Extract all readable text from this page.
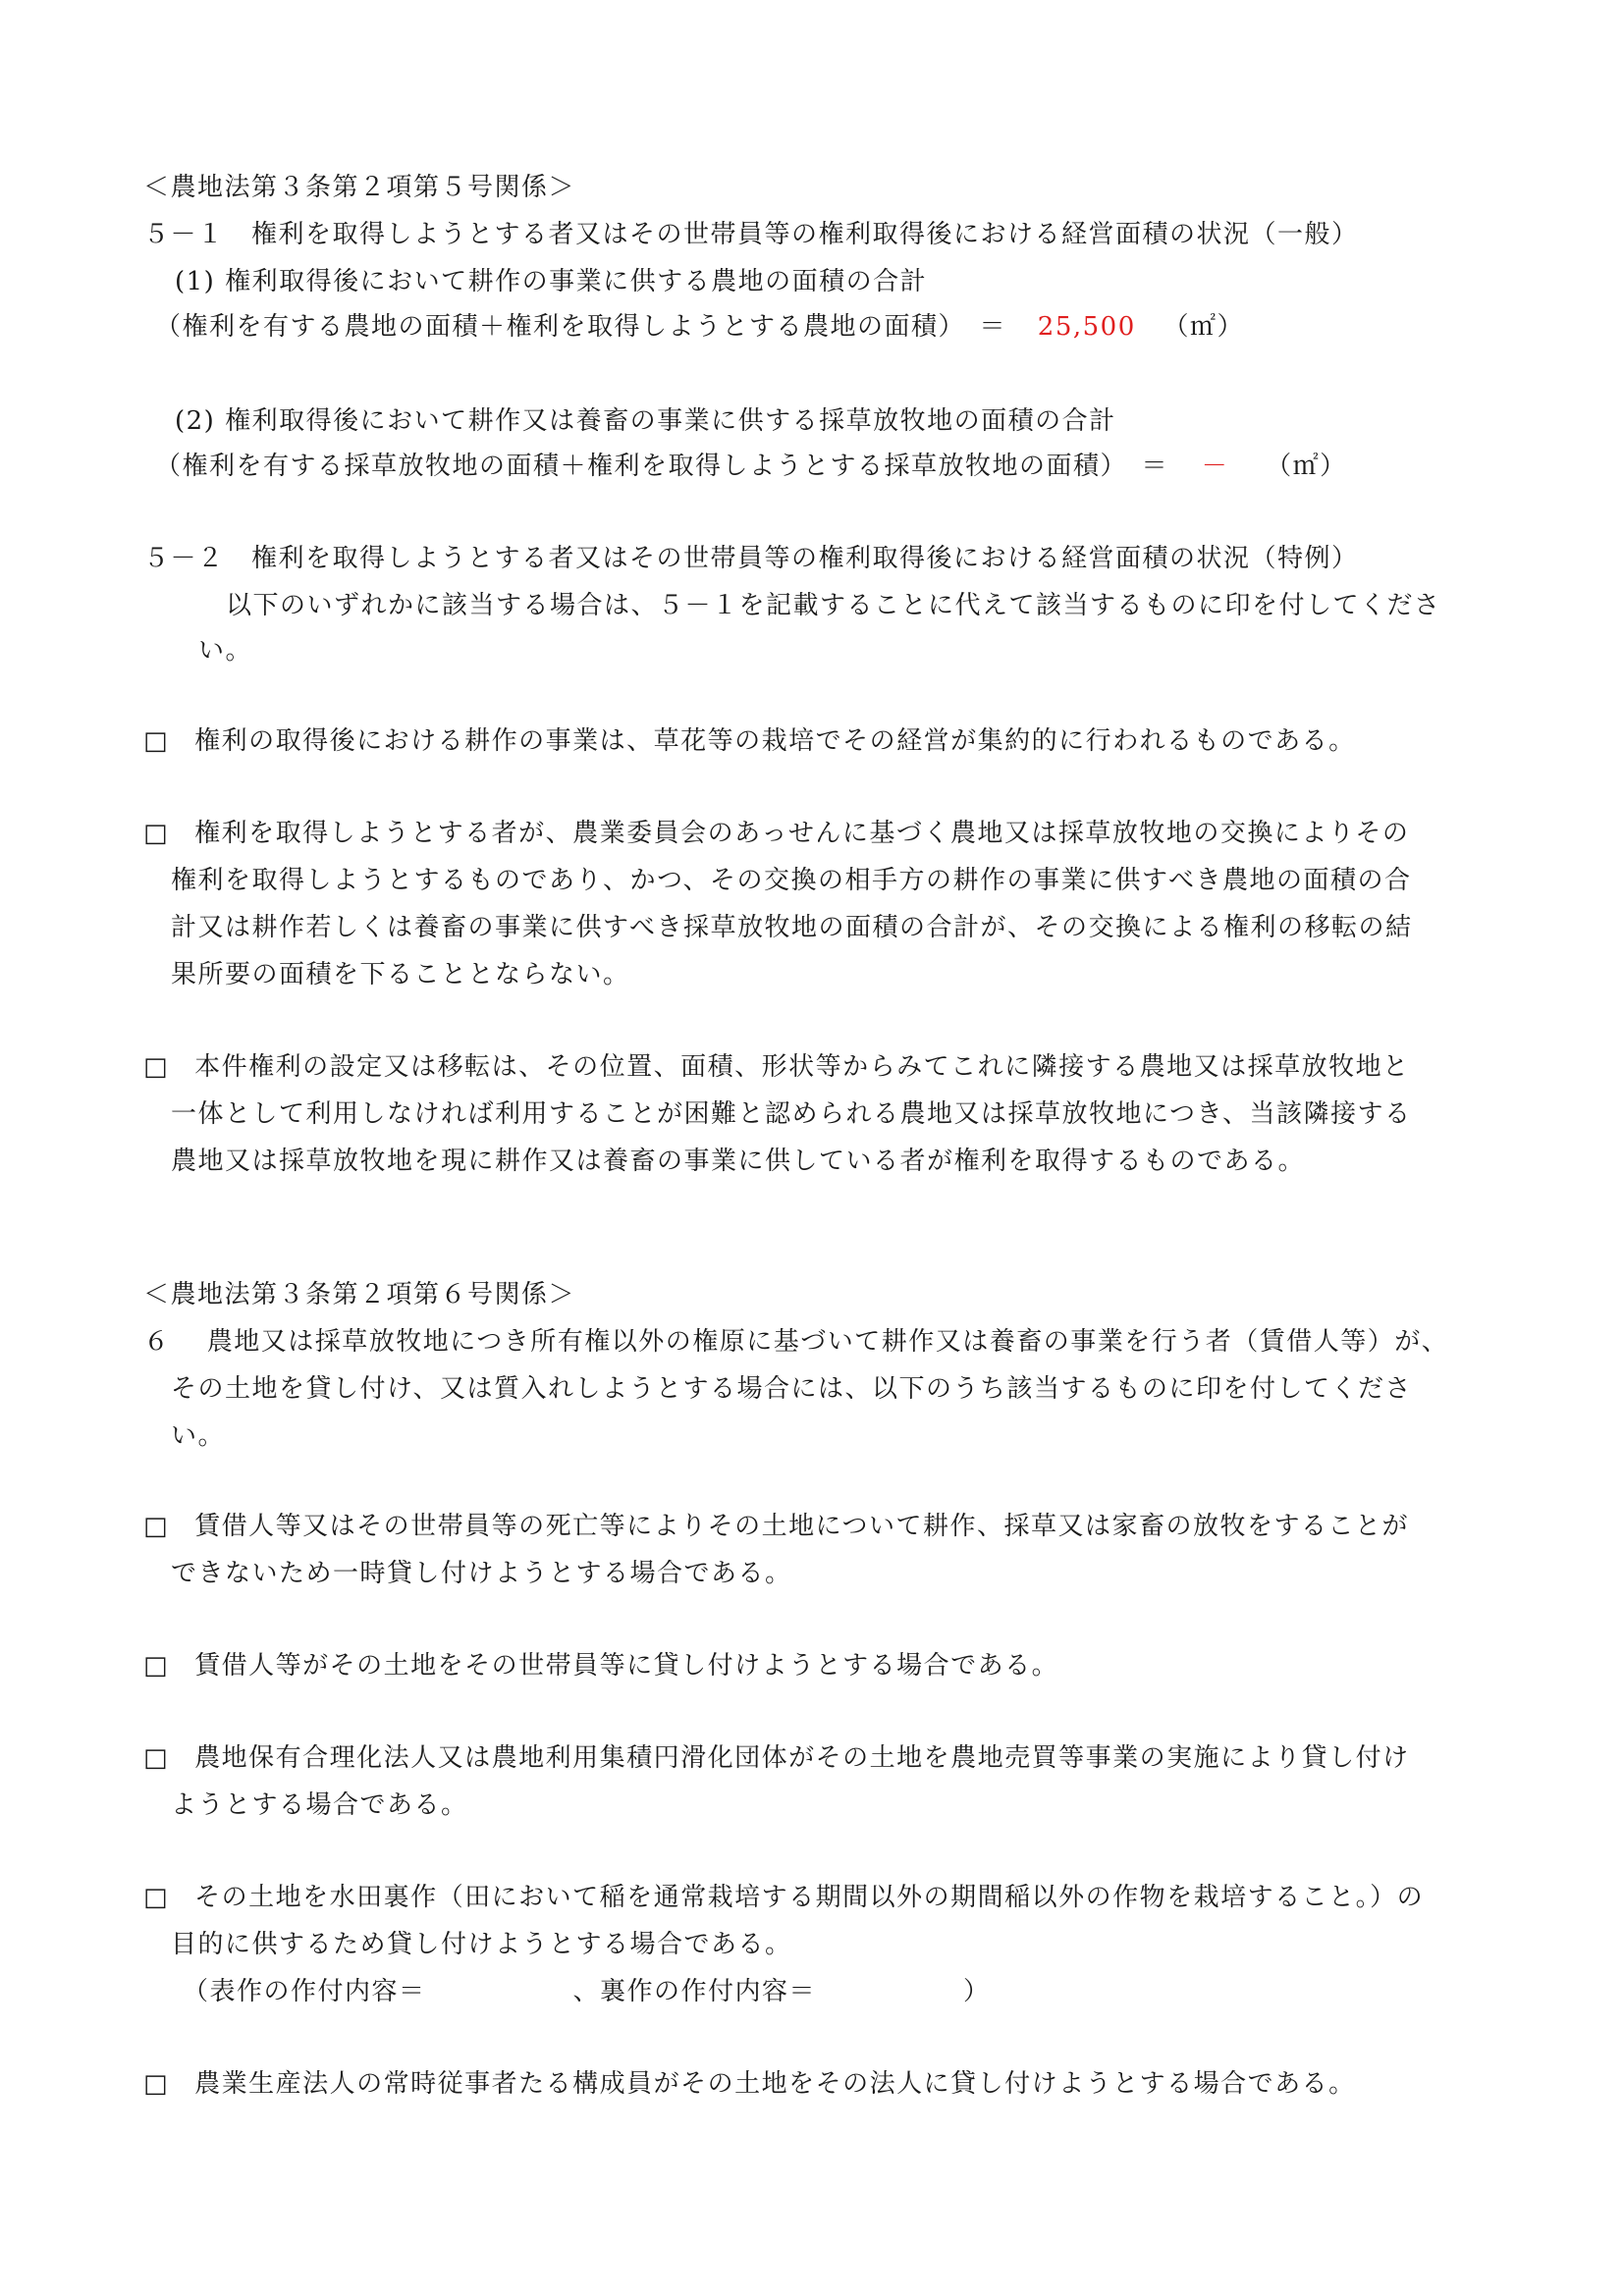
＜農地法第３条第２項第５号関係＞
５－１　権利を取得しようとする者又はその世帯員等の権利取得後における経営面積の状況（一般）
(1) 権利取得後において耕作の事業に供する農地の面積の合計
（権利を有する農地の面積＋権利を取得しようとする農地の面積）　＝ 25,500 （㎡）
(2) 権利取得後において耕作又は養畜の事業に供する採草放牧地の面積の合計
（権利を有する採草放牧地の面積＋権利を取得しようとする採草放牧地の面積）　＝ － （㎡）
５－２　権利を取得しようとする者又はその世帯員等の権利取得後における経営面積の状況（特例）
以下のいずれかに該当する場合は、５－１を記載することに代えて該当するものに印を付してくださ
い。
□ 権利の取得後における耕作の事業は、草花等の栽培でその経営が集約的に行われるものである。
□ 権利を取得しようとする者が、農業委員会のあっせんに基づく農地又は採草放牧地の交換によりその
権利を取得しようとするものであり、かつ、その交換の相手方の耕作の事業に供すべき農地の面積の合
計又は耕作若しくは養畜の事業に供すべき採草放牧地の面積の合計が、その交換による権利の移転の結
果所要の面積を下ることとならない。
□ 本件権利の設定又は移転は、その位置、面積、形状等からみてこれに隣接する農地又は採草放牧地と
一体として利用しなければ利用することが困難と認められる農地又は採草放牧地につき、当該隣接する
農地又は採草放牧地を現に耕作又は養畜の事業に供している者が権利を取得するものである。
＜農地法第３条第２項第６号関係＞
６　 農地又は採草放牧地につき所有権以外の権原に基づいて耕作又は養畜の事業を行う者（賃借人等）が、
その土地を貸し付け、又は質入れしようとする場合には、以下のうち該当するものに印を付してくださ
い。
□ 賃借人等又はその世帯員等の死亡等によりその土地について耕作、採草又は家畜の放牧をすることが
できないため一時貸し付けようとする場合である。
□ 賃借人等がその土地をその世帯員等に貸し付けようとする場合である。
□ 農地保有合理化法人又は農地利用集積円滑化団体がその土地を農地売買等事業の実施により貸し付け
ようとする場合である。
□ その土地を水田裏作（田において稲を通常栽培する期間以外の期間稲以外の作物を栽培すること。）の
目的に供するため貸し付けようとする場合である。
（表作の作付内容＝	、裏作の作付内容＝	）
□ 農業生産法人の常時従事者たる構成員がその土地をその法人に貸し付けようとする場合である。
